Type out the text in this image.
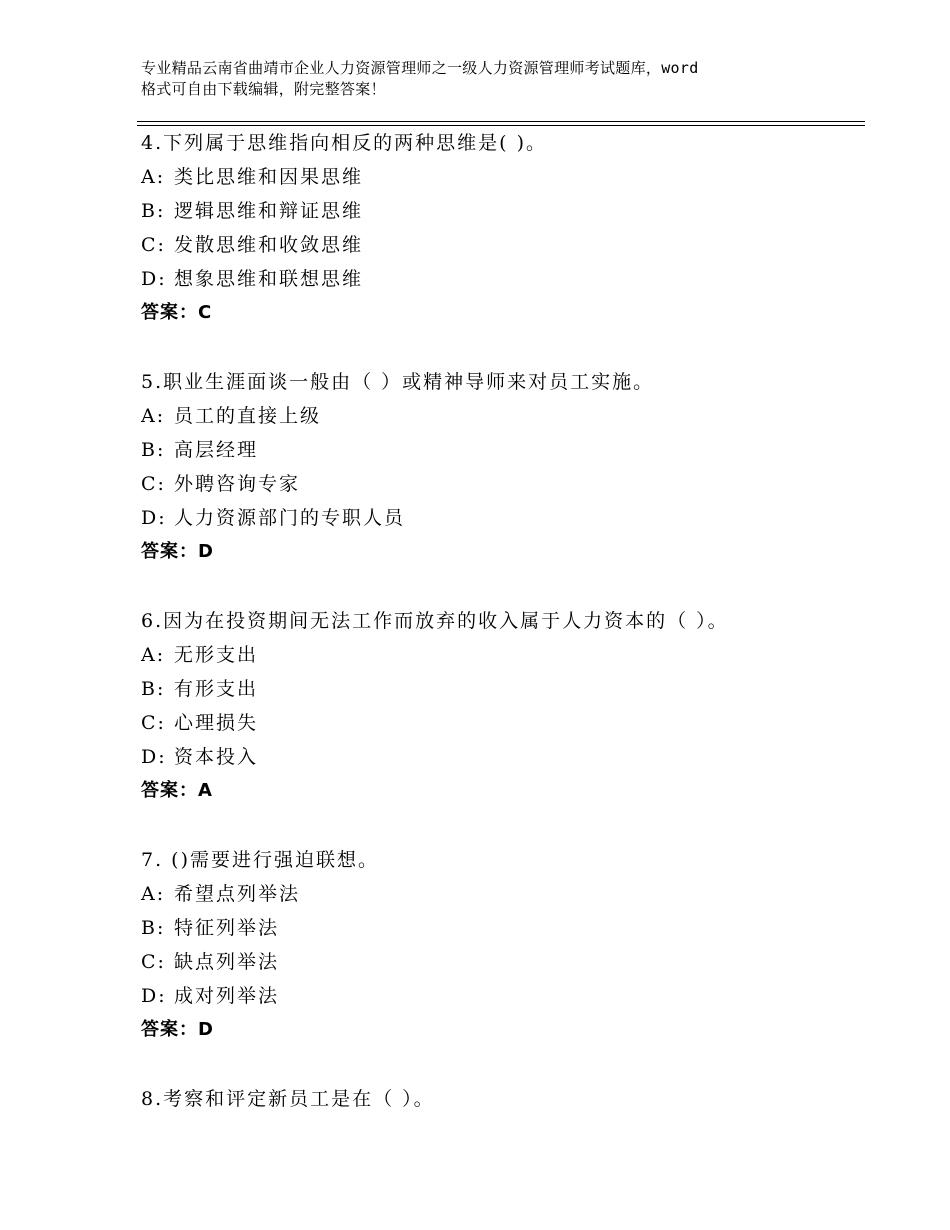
专业精品云南省曲靖市企业人力资源管理师之一级人力资源管理师考试题库，word
格式可自由下载编辑，附完整答案！
4.下列属于思维指向相反的两种思维是( )。
A: 类比思维和因果思维
B: 逻辑思维和辩证思维
C: 发散思维和收敛思维
D: 想象思维和联想思维
答案：C
5.职业生涯面谈一般由（ ）或精神导师来对员工实施。
A: 员工的直接上级
B: 高层经理
C: 外聘咨询专家
D: 人力资源部门的专职人员
答案：D
6.因为在投资期间无法工作而放弃的收入属于人力资本的（ ）。
A: 无形支出
B: 有形支出
C: 心理损失
D: 资本投入
答案：A
7. ()需要进行强迫联想。
A: 希望点列举法
B: 特征列举法
C: 缺点列举法
D: 成对列举法
答案：D
8.考察和评定新员工是在（ ）。
